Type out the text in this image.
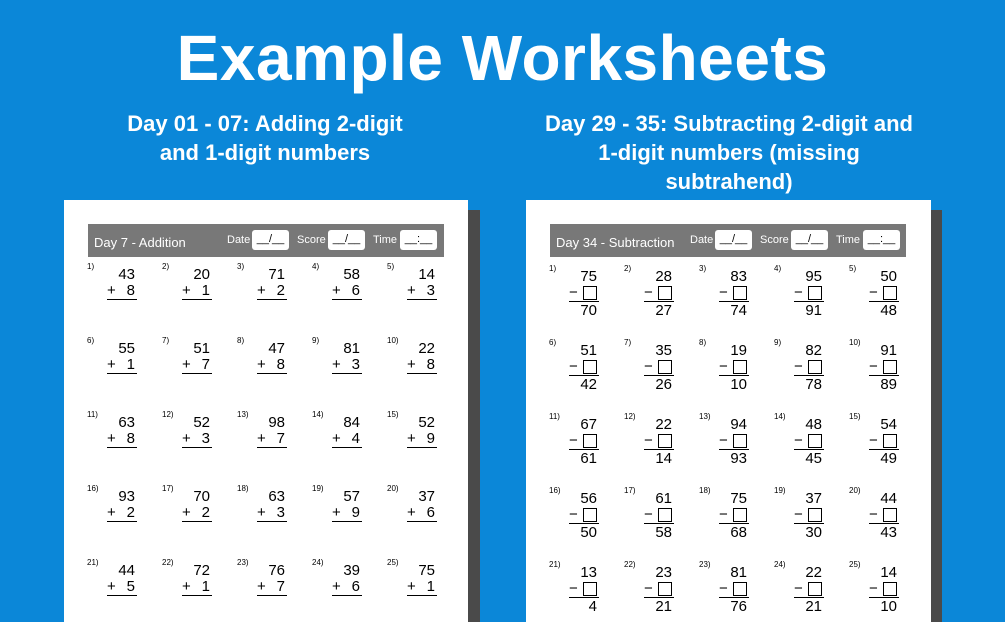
Example Worksheets
Day 01 - 07: Adding 2-digit
and 1-digit numbers
Day 29 - 35: Subtracting 2-digit and
1-digit numbers (missing
subtrahend)
Day 7 - Addition	Date __/__	Score __/__	Time __:__
1) 43
+ 8
2) 20
+ 1
3) 71
+ 2
4) 58
+ 6
5) 14
+ 3
6) 55
+ 1
7) 51
+ 7
8) 47
+ 8
9) 81
+ 3
10) 22
+ 8
11) 63
+ 8
12) 52
+ 3
13) 98
+ 7
14) 84
+ 4
15) 52
+ 9
16) 93
+ 2
17) 70
+ 2
18) 63
+ 3
19) 57
+ 9
20) 37
+ 6
21) 44
+ 5
22) 72
+ 1
23) 76
+ 7
24) 39
+ 6
25) 75
+ 1
Day 34 - Subtraction Date __/__	Score __/__	Time __:__
1) 75
−
70
2) 28
−
27
3) 83
−
74
4) 95
−
91
5) 50
−
48
6) 51
−
42
7) 35
−
26
8) 19
−
10
9) 82
−
78
10) 91
−
89
11) 67
−
61
12) 22
−
14
13) 94
−
93
14) 48
−
45
15) 54
−
49
16) 56
−
50
17) 61
−
58
18) 75
−
68
19) 37
−
30
20) 44
−
43
21) 13
−
4
22) 23
−
21
23) 81
−
76
24) 22
−
21
25) 14
−
10
